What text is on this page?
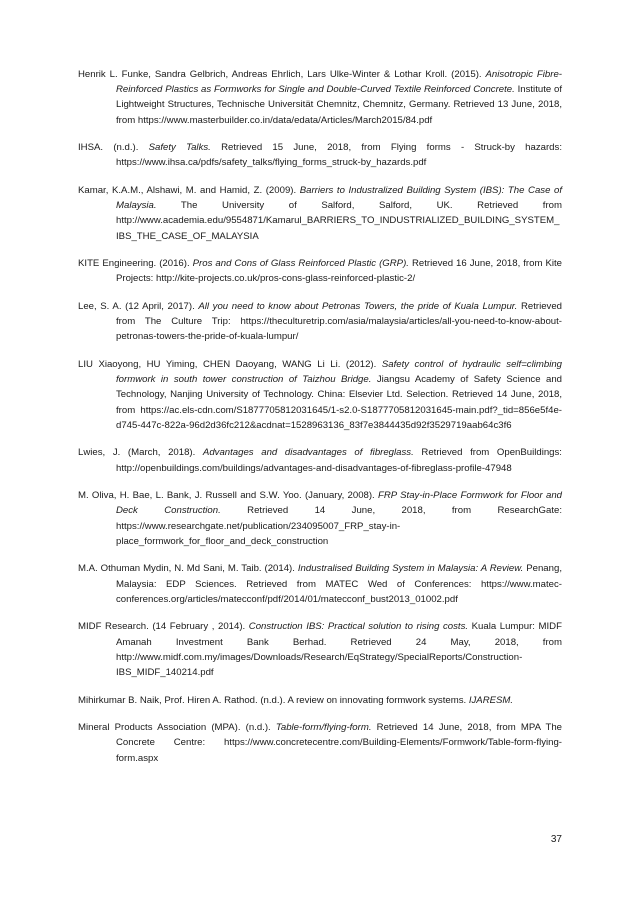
Henrik L. Funke, Sandra Gelbrich, Andreas Ehrlich, Lars Ulke-Winter & Lothar Kroll. (2015). Anisotropic Fibre-Reinforced Plastics as Formworks for Single and Double-Curved Textile Reinforced Concrete. Institute of Lightweight Structures, Technische Universität Chemnitz, Chemnitz, Germany. Retrieved 13 June, 2018, from https://www.masterbuilder.co.in/data/edata/Articles/March2015/84.pdf

IHSA. (n.d.). Safety Talks. Retrieved 15 June, 2018, from Flying forms - Struck-by hazards: https://www.ihsa.ca/pdfs/safety_talks/flying_forms_struck-by_hazards.pdf

Kamar, K.A.M., Alshawi, M. and Hamid, Z. (2009). Barriers to Industralized Building System (IBS): The Case of Malaysia. The University of Salford, Salford, UK. Retrieved from http://www.academia.edu/9554871/Kamarul_BARRIERS_TO_INDUSTRIALIZED_BUILDING_SYSTEM_IBS_THE_CASE_OF_MALAYSIA

KITE Engineering. (2016). Pros and Cons of Glass Reinforced Plastic (GRP). Retrieved 16 June, 2018, from Kite Projects: http://kite-projects.co.uk/pros-cons-glass-reinforced-plastic-2/

Lee, S. A. (12 April, 2017). All you need to know about Petronas Towers, the pride of Kuala Lumpur. Retrieved from The Culture Trip: https://theculturetrip.com/asia/malaysia/articles/all-you-need-to-know-about-petronas-towers-the-pride-of-kuala-lumpur/

LIU Xiaoyong, HU Yiming, CHEN Daoyang, WANG Li Li. (2012). Safety control of hydraulic self=climbing formwork in south tower construction of Taizhou Bridge. Jiangsu Academy of Safety Science and Technology, Nanjing University of Technology. China: Elsevier Ltd. Selection. Retrieved 14 June, 2018, from https://ac.els-cdn.com/S1877705812031645/1-s2.0-S1877705812031645-main.pdf?_tid=856e5f4e-d745-447c-822a-96d2d36fc212&acdnat=1528963136_83f7e3844435d92f3529719aab64c3f6

Lwies, J. (March, 2018). Advantages and disadvantages of fibreglass. Retrieved from OpenBuildings: http://openbuildings.com/buildings/advantages-and-disadvantages-of-fibreglass-profile-47948

M. Oliva, H. Bae, L. Bank, J. Russell and S.W. Yoo. (January, 2008). FRP Stay-in-Place Formwork for Floor and Deck Construction. Retrieved 14 June, 2018, from ResearchGate: https://www.researchgate.net/publication/234095007_FRP_stay-in-place_formwork_for_floor_and_deck_construction

M.A. Othuman Mydin, N. Md Sani, M. Taib. (2014). Industralised Building System in Malaysia: A Review. Penang, Malaysia: EDP Sciences. Retrieved from MATEC Wed of Conferences: https://www.matec-conferences.org/articles/matecconf/pdf/2014/01/matecconf_bust2013_01002.pdf

MIDF Research. (14 February , 2014). Construction IBS: Practical solution to rising costs. Kuala Lumpur: MIDF Amanah Investment Bank Berhad. Retrieved 24 May, 2018, from http://www.midf.com.my/images/Downloads/Research/EqStrategy/SpecialReports/Construction-IBS_MIDF_140214.pdf

Mihirkumar B. Naik, Prof. Hiren A. Rathod. (n.d.). A review on innovating formwork systems. IJARESM.

Mineral Products Association (MPA). (n.d.). Table-form/flying-form. Retrieved 14 June, 2018, from MPA The Concrete Centre: https://www.concretecentre.com/Building-Elements/Formwork/Table-form-flying-form.aspx

37
